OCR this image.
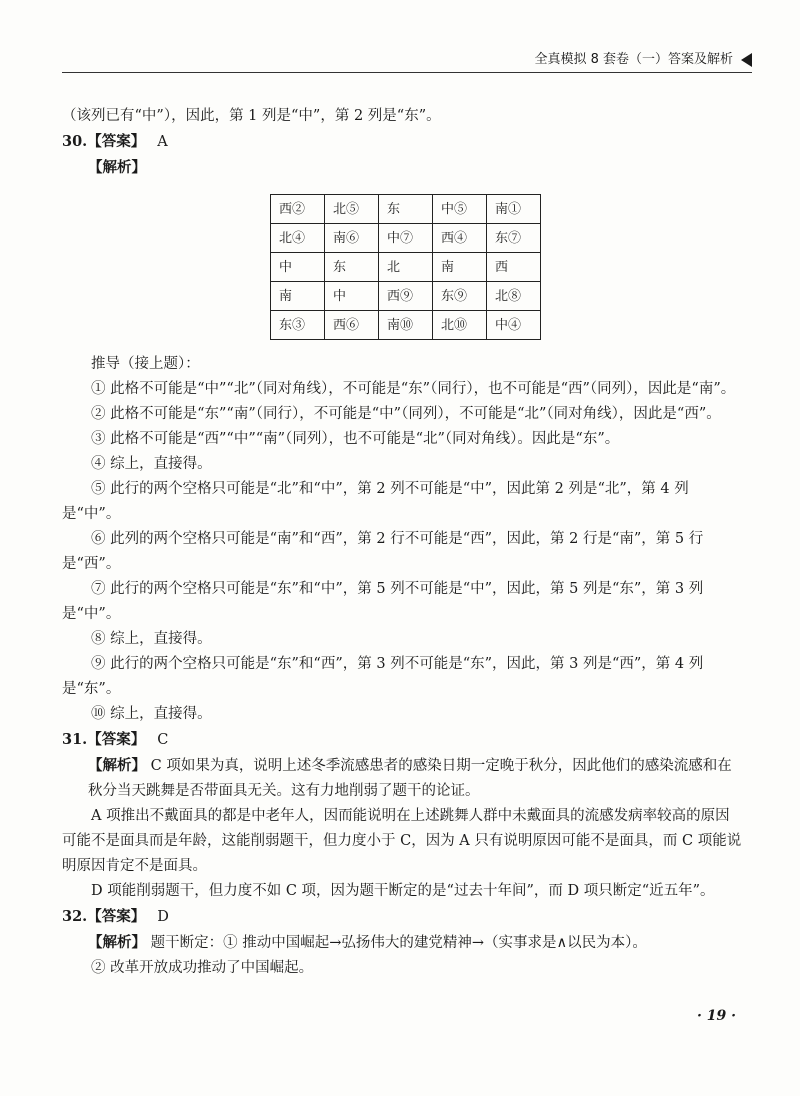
全真模拟 8 套卷（一）答案及解析

（该列已有“中”），因此，第 1 列是“中”，第 2 列是“东”。

30.【答案】 A

【解析】

西②	北⑤	东	中⑤	南①
北④	南⑥	中⑦	西④	东⑦
中	东	北	南	西
南	中	西⑨	东⑨	北⑧
东③	西⑥	南⑩	北⑩	中④

推导（接上题）：

① 此格不可能是“中”“北”（同对角线），不可能是“东”（同行），也不可能是“西”（同列），因此是“南”。

② 此格不可能是“东”“南”（同行），不可能是“中”（同列），不可能是“北”（同对角线），因此是“西”。

③ 此格不可能是“西”“中”“南”（同列），也不可能是“北”（同对角线）。因此是“东”。

④ 综上，直接得。

⑤ 此行的两个空格只可能是“北”和“中”，第 2 列不可能是“中”，因此第 2 列是“北”，第 4 列是“中”。

⑥ 此列的两个空格只可能是“南”和“西”，第 2 行不可能是“西”，因此，第 2 行是“南”，第 5 行是“西”。

⑦ 此行的两个空格只可能是“东”和“中”，第 5 列不可能是“中”，因此，第 5 列是“东”，第 3 列是“中”。

⑧ 综上，直接得。

⑨ 此行的两个空格只可能是“东”和“西”，第 3 列不可能是“东”，因此，第 3 列是“西”，第 4 列是“东”。

⑩ 综上，直接得。

31.【答案】 C

【解析】 C 项如果为真，说明上述冬季流感患者的感染日期一定晚于秋分，因此他们的感染流感和在秋分当天跳舞是否带面具无关。这有力地削弱了题干的论证。

A 项推出不戴面具的都是中老年人，因而能说明在上述跳舞人群中未戴面具的流感发病率较高的原因可能不是面具而是年龄，这能削弱题干，但力度小于 C，因为 A 只有说明原因可能不是面具，而 C 项能说明原因肯定不是面具。

D 项能削弱题干，但力度不如 C 项，因为题干断定的是“过去十年间”，而 D 项只断定“近五年”。

32.【答案】 D

【解析】 题干断定：① 推动中国崛起→弘扬伟大的建党精神→（实事求是∧以民为本）。

② 改革开放成功推动了中国崛起。

· 19 ·
